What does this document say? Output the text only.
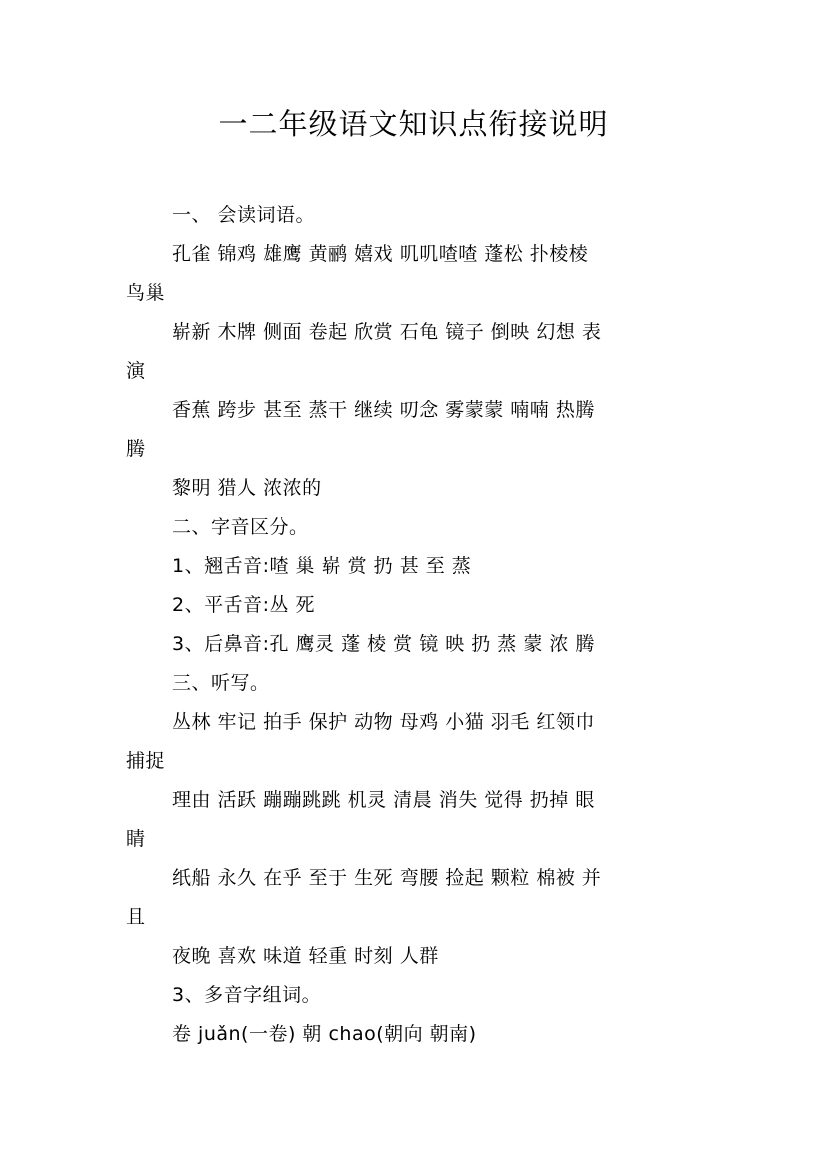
一二年级语文知识点衔接说明
一、 会读词语。
孔雀 锦鸡 雄鹰 黄鹂 嬉戏 叽叽喳喳 蓬松 扑棱棱
鸟巢
崭新 木牌 侧面 卷起 欣赏 石龟 镜子 倒映 幻想 表
演
香蕉 跨步 甚至 蒸干 继续 叨念 雾蒙蒙 喃喃 热腾
腾
黎明 猎人 浓浓的
二、字音区分。
1、翘舌音:喳 巢 崭 赏 扔 甚 至 蒸
2、平舌音:丛 死
3、后鼻音:孔 鹰灵 蓬 棱 赏 镜 映 扔 蒸 蒙 浓 腾
三、听写。
丛林 牢记 拍手 保护 动物 母鸡 小猫 羽毛 红领巾
捕捉
理由 活跃 蹦蹦跳跳 机灵 清晨 消失 觉得 扔掉 眼
睛
纸船 永久 在乎 至于 生死 弯腰 捡起 颗粒 棉被 并
且
夜晚 喜欢 味道 轻重 时刻 人群
3、多音字组词。
卷 juǎn(一卷) 朝 chao(朝向 朝南)
